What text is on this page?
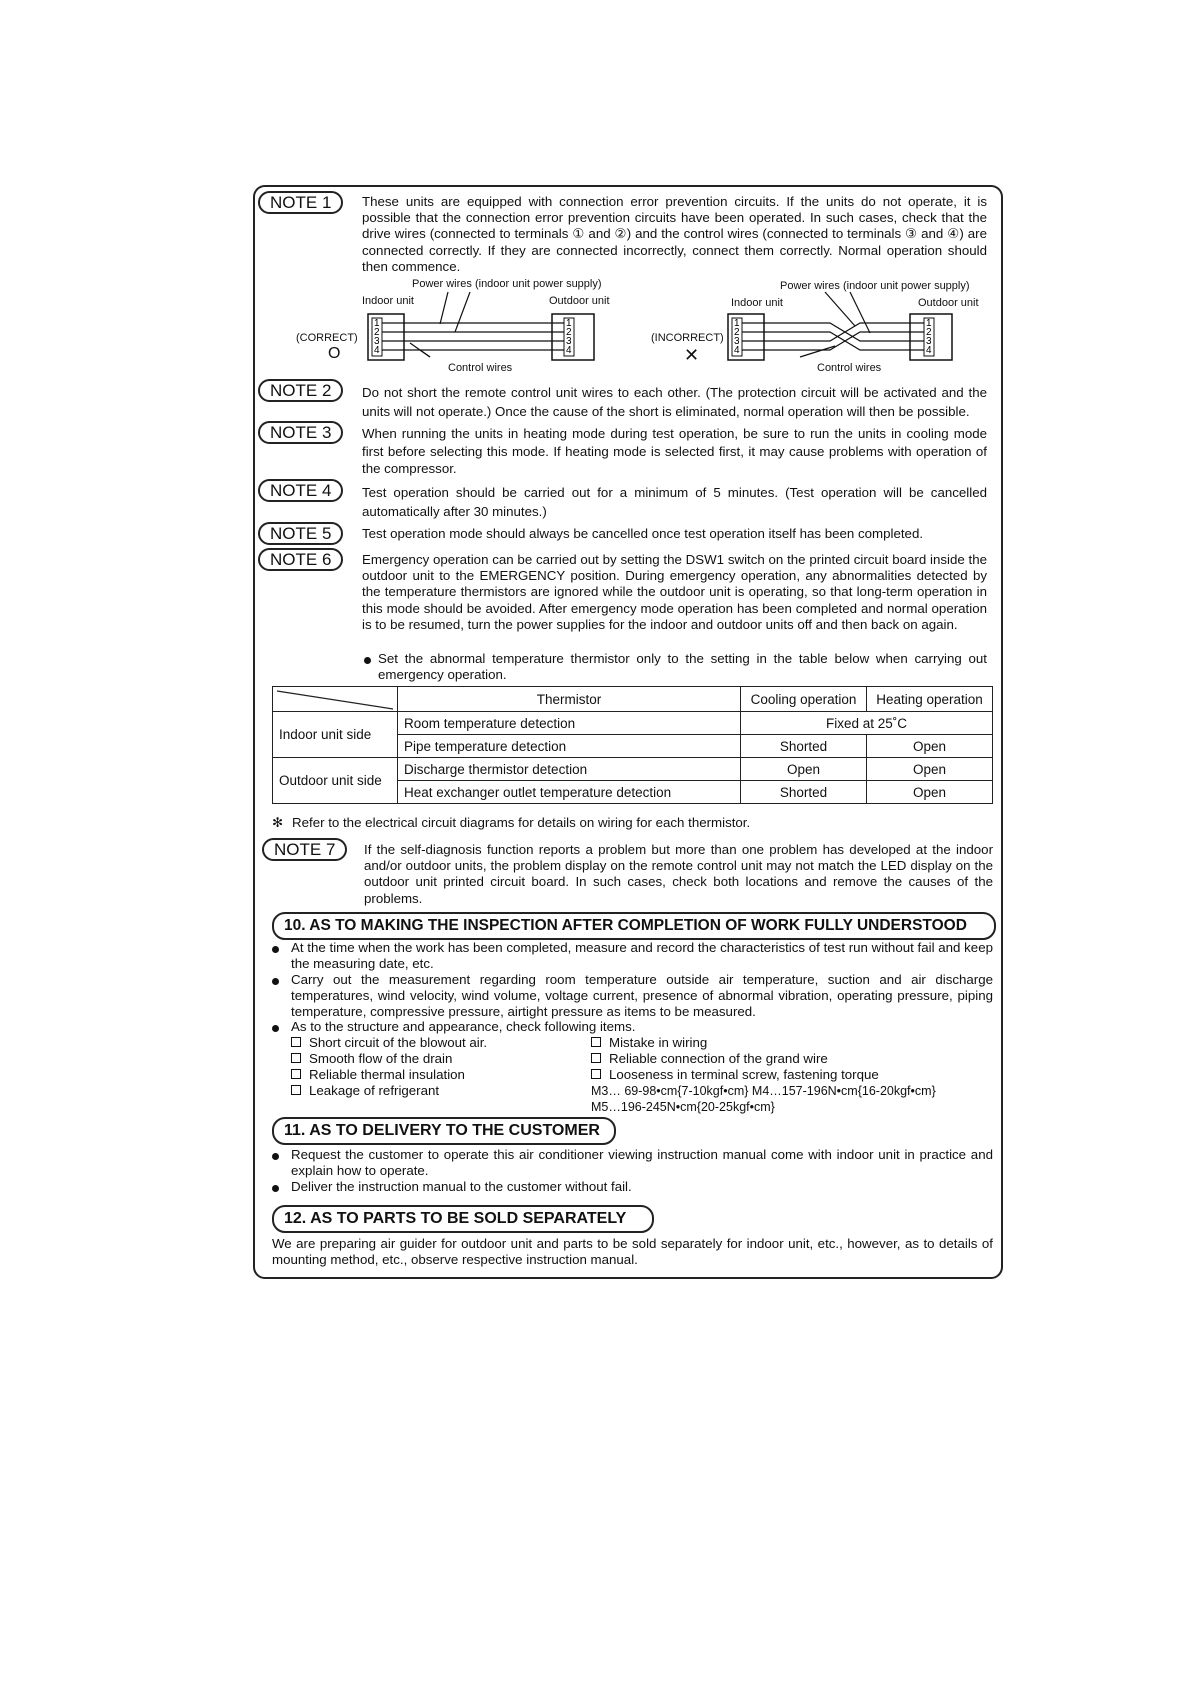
NOTE 1	These units are equipped with connection error prevention circuits. If the units do not operate, it is possible that the connection error prevention circuits have been operated. In such cases, check that the drive wires (connected to terminals ① and ②) and the control wires (connected to terminals ③ and ④) are connected correctly. If they are connected incorrectly, connect them correctly. Normal operation should then commence.
1
2
3
4
1
2
3
4
1
2
3
4
1
2
3
4
Power wires (indoor unit power supply)
Indoor unit	Outdoor unit
(CORRECT)
O
Control wires
Power wires (indoor unit power supply)
Indoor unit	Outdoor unit
(INCORRECT)
✕
Control wires
NOTE 2	Do not short the remote control unit wires to each other. (The protection circuit will be activated and the units will not operate.) Once the cause of the short is eliminated, normal operation will then be possible.
NOTE 3	When running the units in heating mode during test operation, be sure to run the units in cooling mode first before selecting this mode. If heating mode is selected first, it may cause problems with operation of the compressor.
NOTE 4	Test operation should be carried out for a minimum of 5 minutes. (Test operation will be cancelled automatically after 30 minutes.)
NOTE 5	Test operation mode should always be cancelled once test operation itself has been completed.
NOTE 6	Emergency operation can be carried out by setting the DSW1 switch on the printed circuit board inside the outdoor unit to the EMERGENCY position. During emergency operation, any abnormalities detected by the temperature thermistors are ignored while the outdoor unit is operating, so that long-term operation in this mode should be avoided. After emergency mode operation has been completed and normal operation is to be resumed, turn the power supplies for the indoor and outdoor units off and then back on again.
Set the abnormal temperature thermistor only to the setting in the table below when carrying out emergency operation.
	Thermistor	Cooling operation	Heating operation
Indoor unit side	Room temperature detection	Fixed at 25˚C	
	Pipe temperature detection	Shorted	Open
Outdoor unit side	Discharge thermistor detection	Open	Open
	Heat exchanger outlet temperature detection	Shorted	Open
✻ Refer to the electrical circuit diagrams for details on wiring for each thermistor.
NOTE 7	If the self-diagnosis function reports a problem but more than one problem has developed at the indoor and/or outdoor units, the problem display on the remote control unit may not match the LED display on the outdoor unit printed circuit board. In such cases, check both locations and remove the causes of the problems.
10. AS TO MAKING THE INSPECTION AFTER COMPLETION OF WORK FULLY UNDERSTOOD
At the time when the work has been completed, measure and record the characteristics of test run without fail and keep the measuring date, etc.
Carry out the measurement regarding room temperature outside air temperature, suction and air discharge temperatures, wind velocity, wind volume, voltage current, presence of abnormal vibration, operating pressure, piping temperature, compressive pressure, airtight pressure as items to be measured.
As to the structure and appearance, check following items.
Short circuit of the blowout air.
Smooth flow of the drain
Reliable thermal insulation
Leakage of refrigerant
Mistake in wiring
Reliable connection of the grand wire
Looseness in terminal screw, fastening torque
M3… 69-98•cm{7-10kgf•cm} M4…157-196N•cm{16-20kgf•cm}
M5…196-245N•cm{20-25kgf•cm}
11. AS TO DELIVERY TO THE CUSTOMER
Request the customer to operate this air conditioner viewing instruction manual come with indoor unit in practice and explain how to operate.
Deliver the instruction manual to the customer without fail.
12. AS TO PARTS TO BE SOLD SEPARATELY
We are preparing air guider for outdoor unit and parts to be sold separately for indoor unit, etc., however, as to details of mounting method, etc., observe respective instruction manual.
